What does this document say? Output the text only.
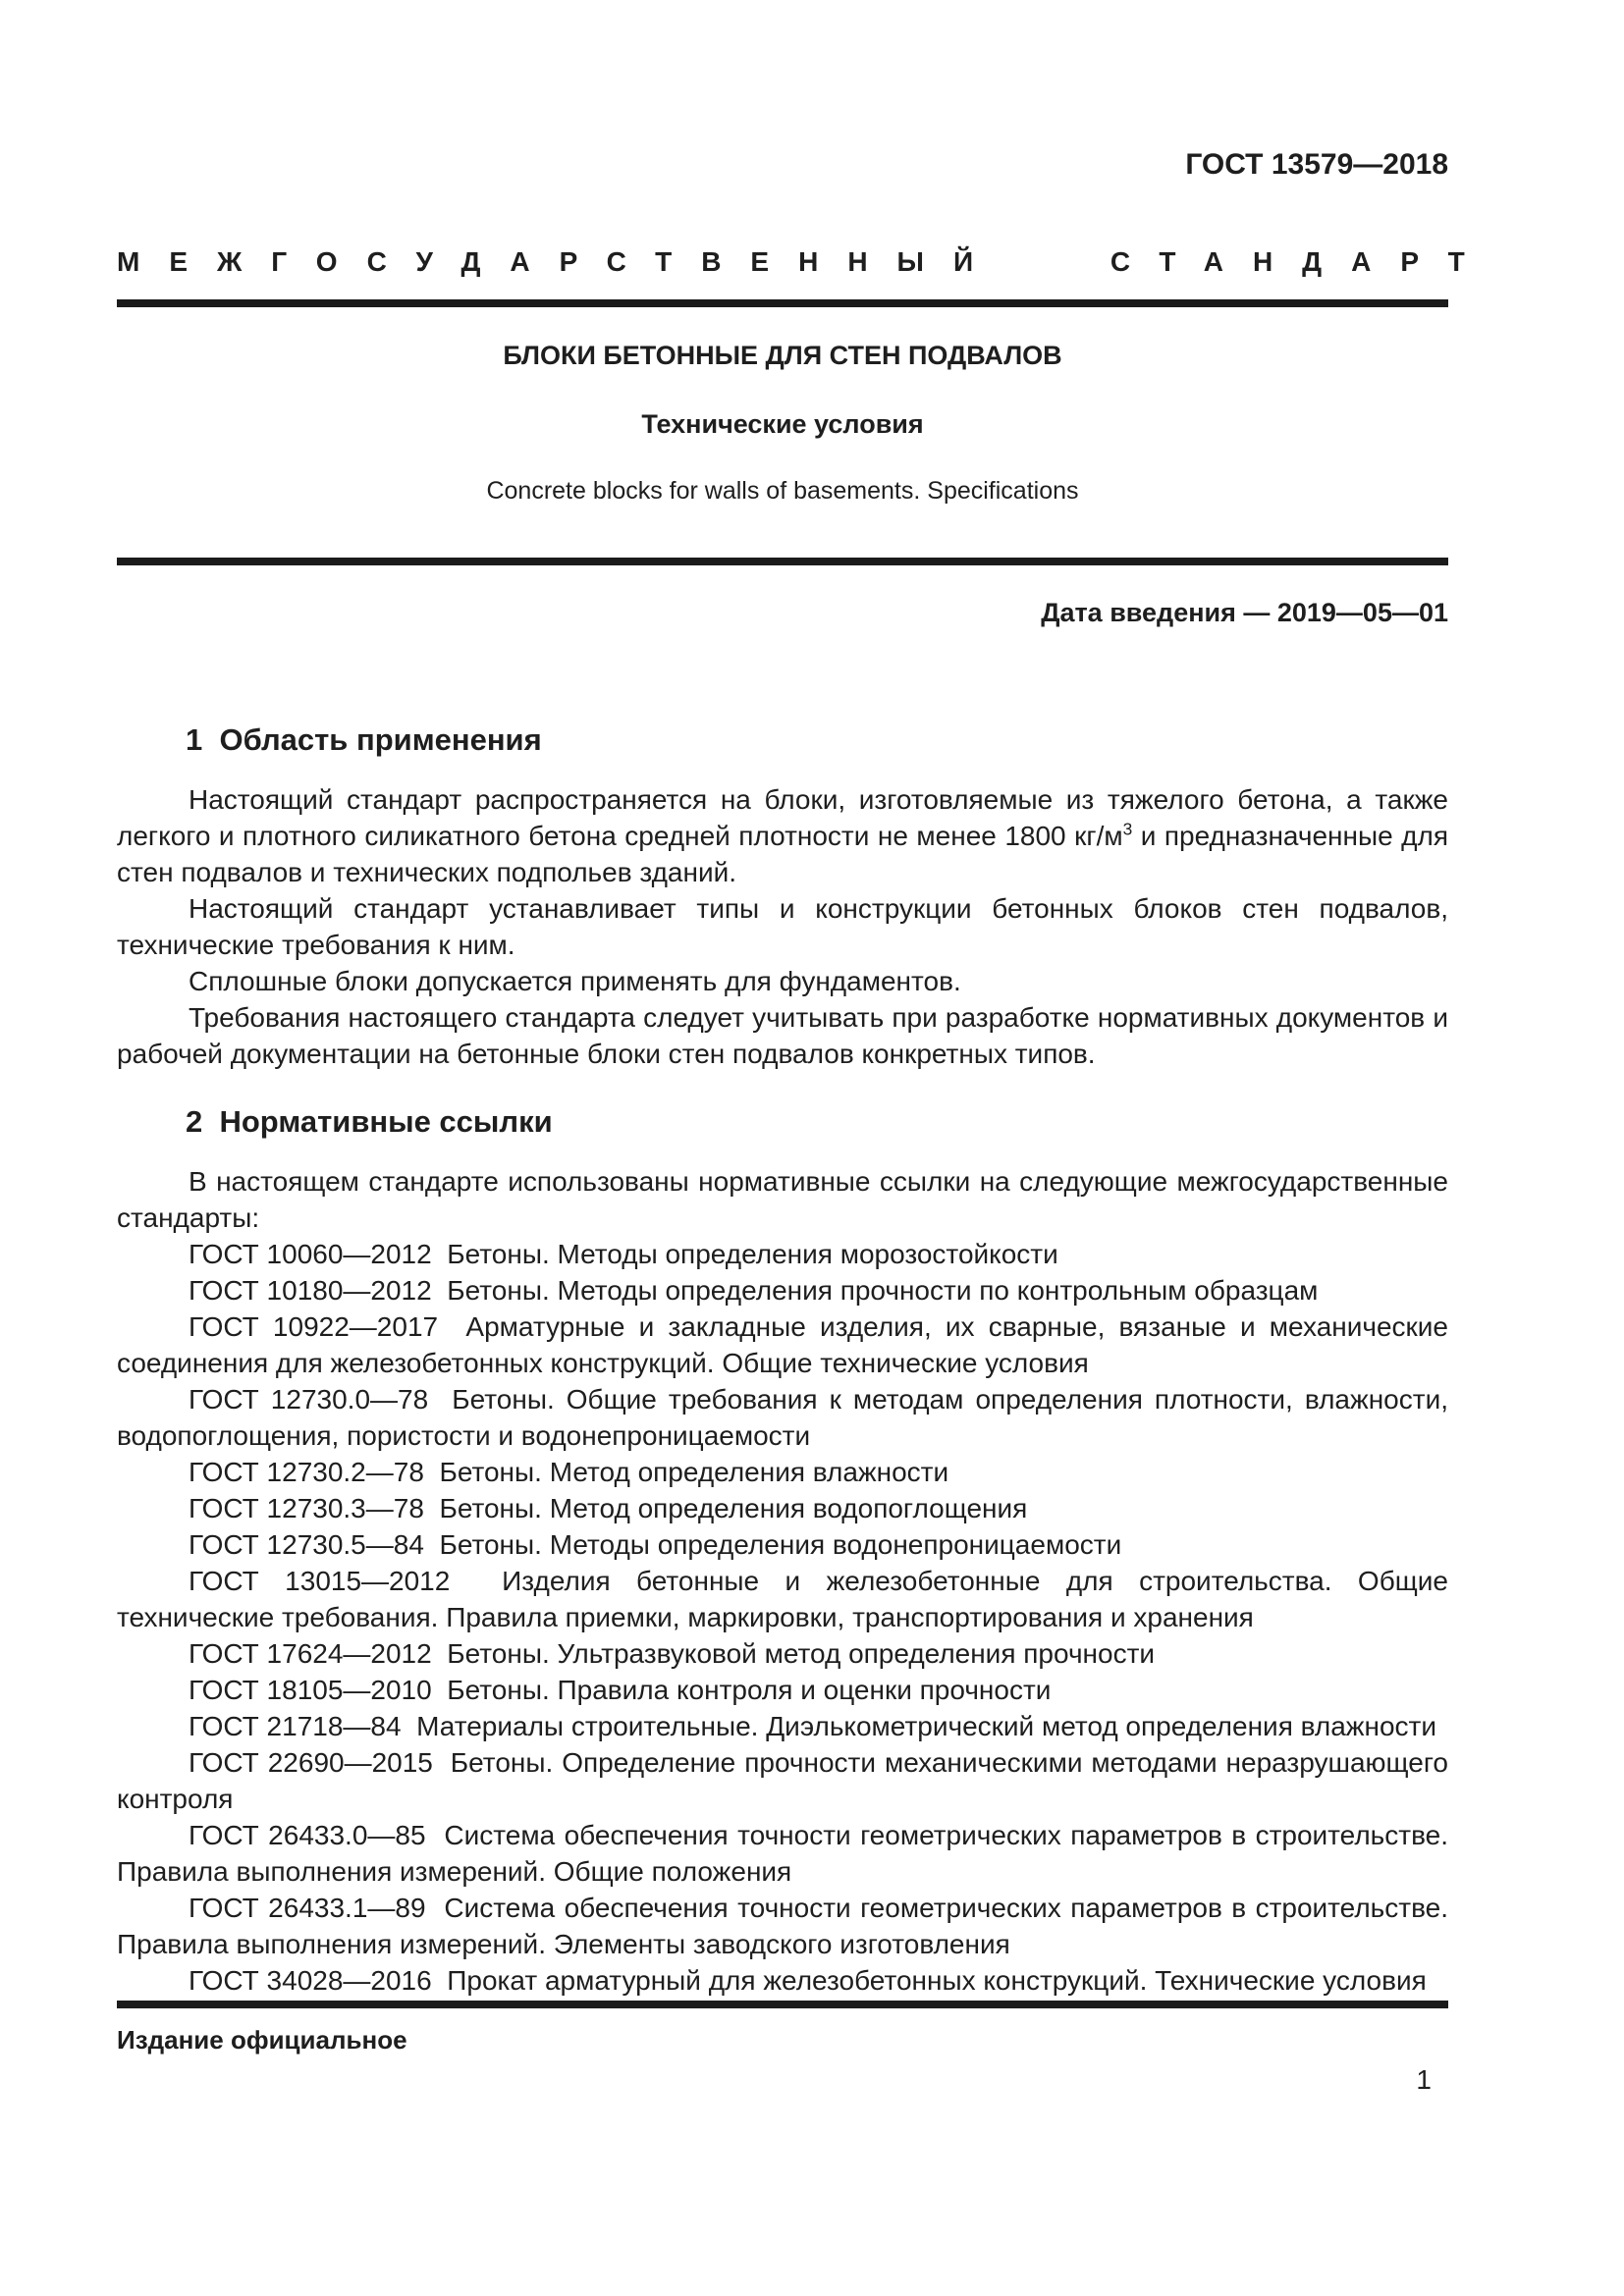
ГОСТ 13579—2018
МЕЖГОСУДАРСТВЕННЫЙ СТАНДАРТ
БЛОКИ БЕТОННЫЕ ДЛЯ СТЕН ПОДВАЛОВ
Технические условия
Concrete blocks for walls of basements. Specifications
Дата введения — 2019—05—01
1  Область применения

Настоящий стандарт распространяется на блоки, изготовляемые из тяжелого бетона, а также легкого и плотного силикатного бетона средней плотности не менее 1800 $кг/м^3$ и предназначенные для стен подвалов и технических подпольев зданий.

Настоящий стандарт устанавливает типы и конструкции бетонных блоков стен подвалов, технические требования к ним.

Сплошные блоки допускается применять для фундаментов.

Требования настоящего стандарта следует учитывать при разработке нормативных документов и рабочей документации на бетонные блоки стен подвалов конкретных типов.

2  Нормативные ссылки

В настоящем стандарте использованы нормативные ссылки на следующие межгосударственные стандарты:

ГОСТ 10060—2012  Бетоны. Методы определения морозостойкости

ГОСТ 10180—2012  Бетоны. Методы определения прочности по контрольным образцам

ГОСТ 10922—2017  Арматурные и закладные изделия, их сварные, вязаные и механические соединения для железобетонных конструкций. Общие технические условия

ГОСТ 12730.0—78  Бетоны. Общие требования к методам определения плотности, влажности, водопоглощения, пористости и водонепроницаемости

ГОСТ 12730.2—78  Бетоны. Метод определения влажности

ГОСТ 12730.3—78  Бетоны. Метод определения водопоглощения

ГОСТ 12730.5—84  Бетоны. Методы определения водонепроницаемости

ГОСТ 13015—2012  Изделия бетонные и железобетонные для строительства. Общие технические требования. Правила приемки, маркировки, транспортирования и хранения

ГОСТ 17624—2012  Бетоны. Ультразвуковой метод определения прочности

ГОСТ 18105—2010  Бетоны. Правила контроля и оценки прочности

ГОСТ 21718—84  Материалы строительные. Диэлькометрический метод определения влажности

ГОСТ 22690—2015  Бетоны. Определение прочности механическими методами неразрушающего контроля

ГОСТ 26433.0—85  Система обеспечения точности геометрических параметров в строительстве. Правила выполнения измерений. Общие положения

ГОСТ 26433.1—89  Система обеспечения точности геометрических параметров в строительстве. Правила выполнения измерений. Элементы заводского изготовления

ГОСТ 34028—2016  Прокат арматурный для железобетонных конструкций. Технические условия

Издание официальное
1
